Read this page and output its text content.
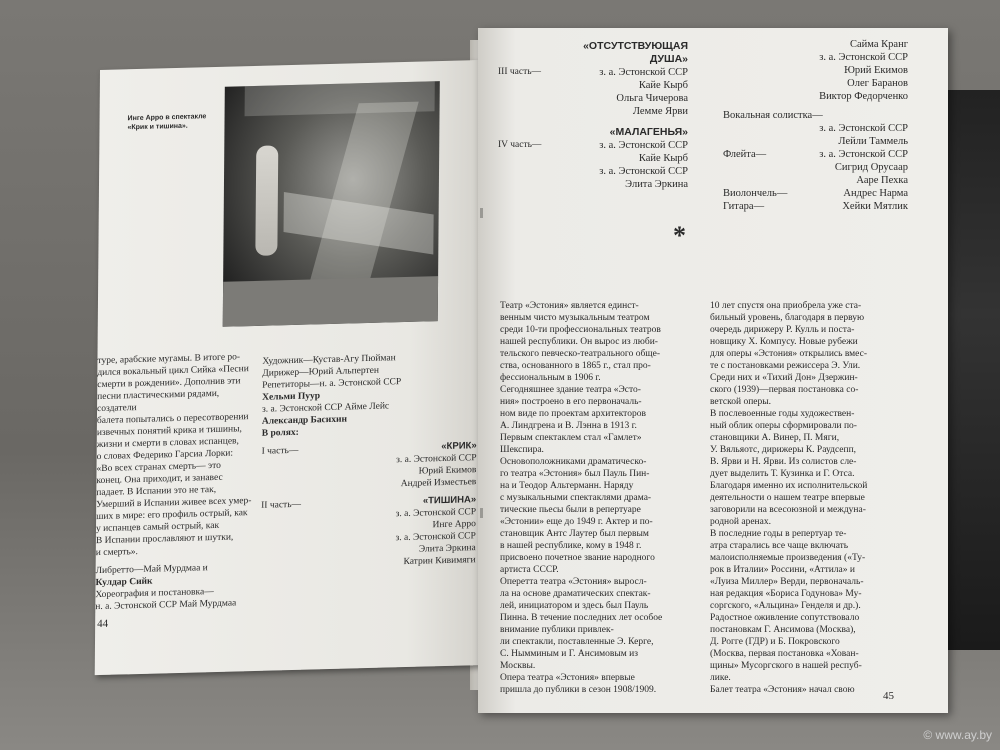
Инге Арро в спектакле «Крик и тишина».
туре, арабские мугамы. В итоге ро-
дился вокальный цикл Сийка «Песни
смерти в рождении». Дополнив эти
песни пластическими рядами, создатели
балета попытались о пересотворении
извечных понятий крика и тишины,
жизни и смерти в словах испанцев,
о словах Федерико Гарсиа Лорки:
«Во всех странах смерть— это
конец. Она приходит, и занавес
падает. В Испании это не так,
Умерший в Испании живее всех умер-
ших в мире: его профиль острый, как
у испанцев самый острый, как
В Испании прославляют и шутки,
и смерть».
Либретто—Май Мурдмаа и
Кулдар Сийк
Хореография и постановка—
н. а. Эстонской ССР Май Мурдмаа
Художник—Кустав-Агу Пюйман
Дирижер—Юрий Альпертен
Репетиторы—н. а. Эстонской ССР
Хельми Пуур
з. а. Эстонской ССР Айме Лейс
Александр Басихин
В ролях:
I часть—	«КРИК»
з. а. Эстонской ССР
Юрий Екимов
Андрей Изместьев
II часть—	«ТИШИНА»
з. а. Эстонской ССР
Инге Арро
з. а. Эстонской ССР
Элита Эркина
Катрин Кивимяги
44
«ОТСУТСТВУЮЩАЯ
ДУША»
III часть—	з. а. Эстонской ССР
Кайе Кырб
Ольга Чичерова
Лемме Ярви
«МАЛАГЕНЬЯ»
IV часть—	з. а. Эстонской ССР
Кайе Кырб
з. а. Эстонской ССР
Элита Эркина
Сайма Кранг
з. а. Эстонской ССР
Юрий Екимов
Олег Баранов
Виктор Федорченко
Вокальная солистка—
з. а. Эстонской ССР
Лейли Таммель
Флейта—	з. а. Эстонской ССР
Сигрид Орусаар
Ааре Пехка
Виолончель—	Андрес Нарма
Гитара—	Хейки Мятлик
*
Театр «Эстония» является единст-
венным чисто музыкальным театром
среди 10-ти профессиональных театров
нашей республики. Он вырос из люби-
тельского певческо-театрального обще-
ства, основанного в 1865 г., стал про-
фессиональным в 1906 г.
Сегодняшнее здание театра «Эсто-
ния» построено в его первоначаль-
ном виде по проектам архитекторов
А. Линдгрена и В. Лэнна в 1913 г.
Первым спектаклем стал «Гамлет»
Шекспира.
Основоположниками драматическо-
го театра «Эстония» был Пауль Пин-
на и Теодор Альтерманн. Наряду
с музыкальными спектаклями драма-
тические пьесы были в репертуаре
«Эстонии» еще до 1949 г. Актер и по-
становщик Антс Лаутер был первым
в нашей республике, кому в 1948 г.
присвоено почетное звание народного
артиста СССР.
Оперетта театра «Эстония» выросл-
ла на основе драматических спектак-
лей, инициатором и здесь был Пауль
Пинна. В течение последних лет особое
внимание публики привлек-
ли спектакли, поставленные Э. Керге,
С. Нымминым и Г. Ансимовым из
Москвы.
Опера театра «Эстония» впервые
пришла до публики в сезон 1908/1909.
10 лет спустя она приобрела уже ста-
бильный уровень, благодаря в первую
очередь дирижеру Р. Кулль и поста-
новщику Х. Компусу. Новые рубежи
для оперы «Эстония» открылись вмес-
те с постановками режиссера Э. Ули.
Среди них и «Тихий Дон» Дзержин-
ского (1939)—первая постановка со-
ветской оперы.
В послевоенные годы художествен-
ный облик оперы сформировали по-
становщики А. Винер, П. Мяги,
У. Вяльяотс, дирижеры К. Раудсепп,
В. Ярви и Н. Ярви. Из солистов сле-
дует выделить Т. Кузинка и Г. Отса.
Благодаря именно их исполнительской
деятельности о нашем театре впервые
заговорили на всесоюзной и междуна-
родной аренах.
В последние годы в репертуар те-
атра старались все чаще включать
малоисполняемые произведения («Ту-
рок в Италии» Россини, «Аттила» и
«Луиза Миллер» Верди, первоначаль-
ная редакция «Бориса Годунова» Му-
соргского, «Альцина» Генделя и др.).
Радостное оживление сопутствовало
постановкам Г. Ансимова (Москва),
Д. Рогге (ГДР) и Б. Покровского
(Москва, первая постановка «Хован-
щины» Мусоргского в нашей респуб-
лике.
Балет театра «Эстония» начал свою	45
© www.ay.by
